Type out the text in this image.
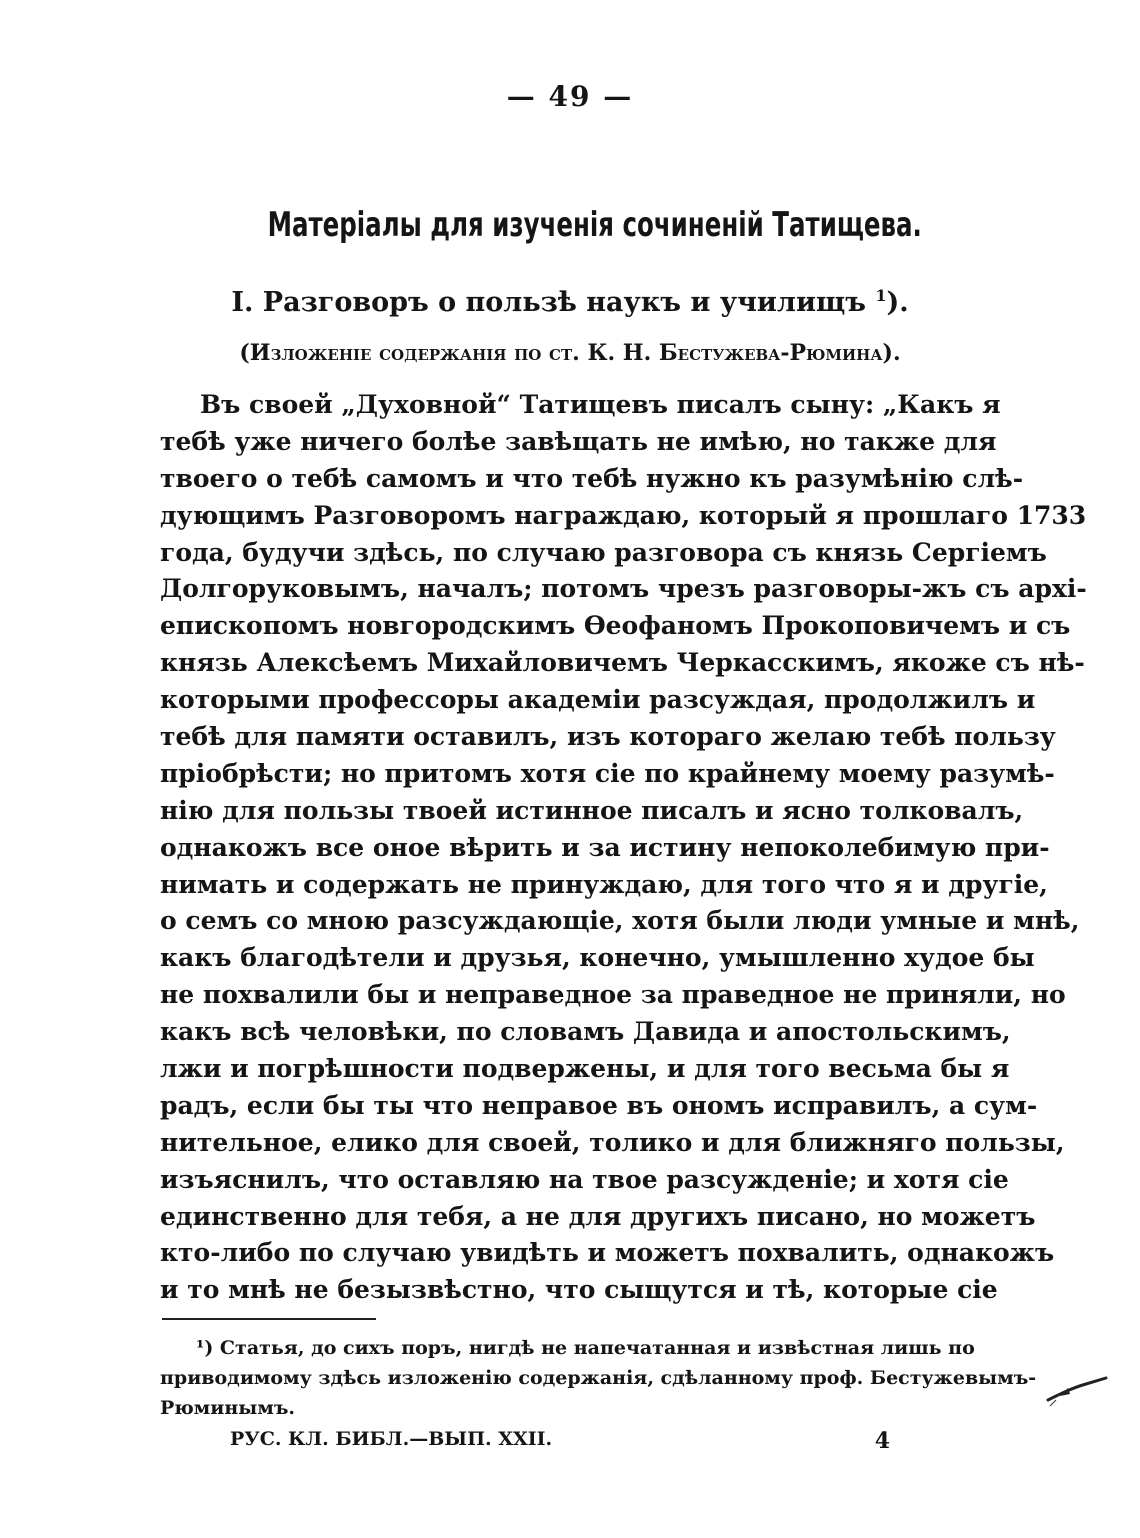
— 49 —
Матеріалы для изученія сочиненій Татищева.
I. Разговоръ о пользѣ наукъ и училищъ $^1$).
(Изложеніе содержанія по ст. К. Н. Бестужева-Рюмина).
Въ своей „Духовной“ Татищевъ писалъ сыну: „Какъ я
тебѣ уже ничего болѣе завѣщать не имѣю, но также для
твоего о тебѣ самомъ и что тебѣ нужно къ разумѣнію слѣ-
дующимъ Разговоромъ награждаю, который я прошлаго 1733
года, будучи здѣсь, по случаю разговора съ князь Сергіемъ
Долгоруковымъ, началъ; потомъ чрезъ разговоры-жъ съ архі-
епископомъ новгородскимъ Ѳеофаномъ Прокоповичемъ и съ
князь Алексѣемъ Михайловичемъ Черкасскимъ, якоже съ нѣ-
которыми профессоры академіи разсуждая, продолжилъ и
тебѣ для памяти оставилъ, изъ котораго желаю тебѣ пользу
пріобрѣсти; но притомъ хотя сіе по крайнему моему разумѣ-
нію для пользы твоей истинное писалъ и ясно толковалъ,
однакожъ все оное вѣрить и за истину непоколебимую при-
нимать и содержать не принуждаю, для того что я и другіе,
о семъ со мною разсуждающіе, хотя были люди умные и мнѣ,
какъ благодѣтели и друзья, конечно, умышленно худое бы
не похвалили бы и неправедное за праведное не приняли, но
какъ всѣ человѣки, по словамъ Давида и апостольскимъ,
лжи и погрѣшности подвержены, и для того весьма бы я
радъ, если бы ты что неправое въ ономъ исправилъ, а сум-
нительное, елико для своей, толико и для ближняго пользы,
изъяснилъ, что оставляю на твое разсужденіе; и хотя сіе
единственно для тебя, а не для другихъ писано, но можетъ
кто-либо по случаю увидѣть и можетъ похвалить, однакожъ
и то мнѣ не безызвѣстно, что сыщутся и тѣ, которые сіе
¹) Статья, до сихъ поръ, нигдѣ не напечатанная и извѣстная лишь по
приводимому здѣсь изложенію содержанія, сдѣланному проф. Бестужевымъ-
Рюминымъ.
РУС. КЛ. БИБЛ.—ВЫП. XXII.	4
